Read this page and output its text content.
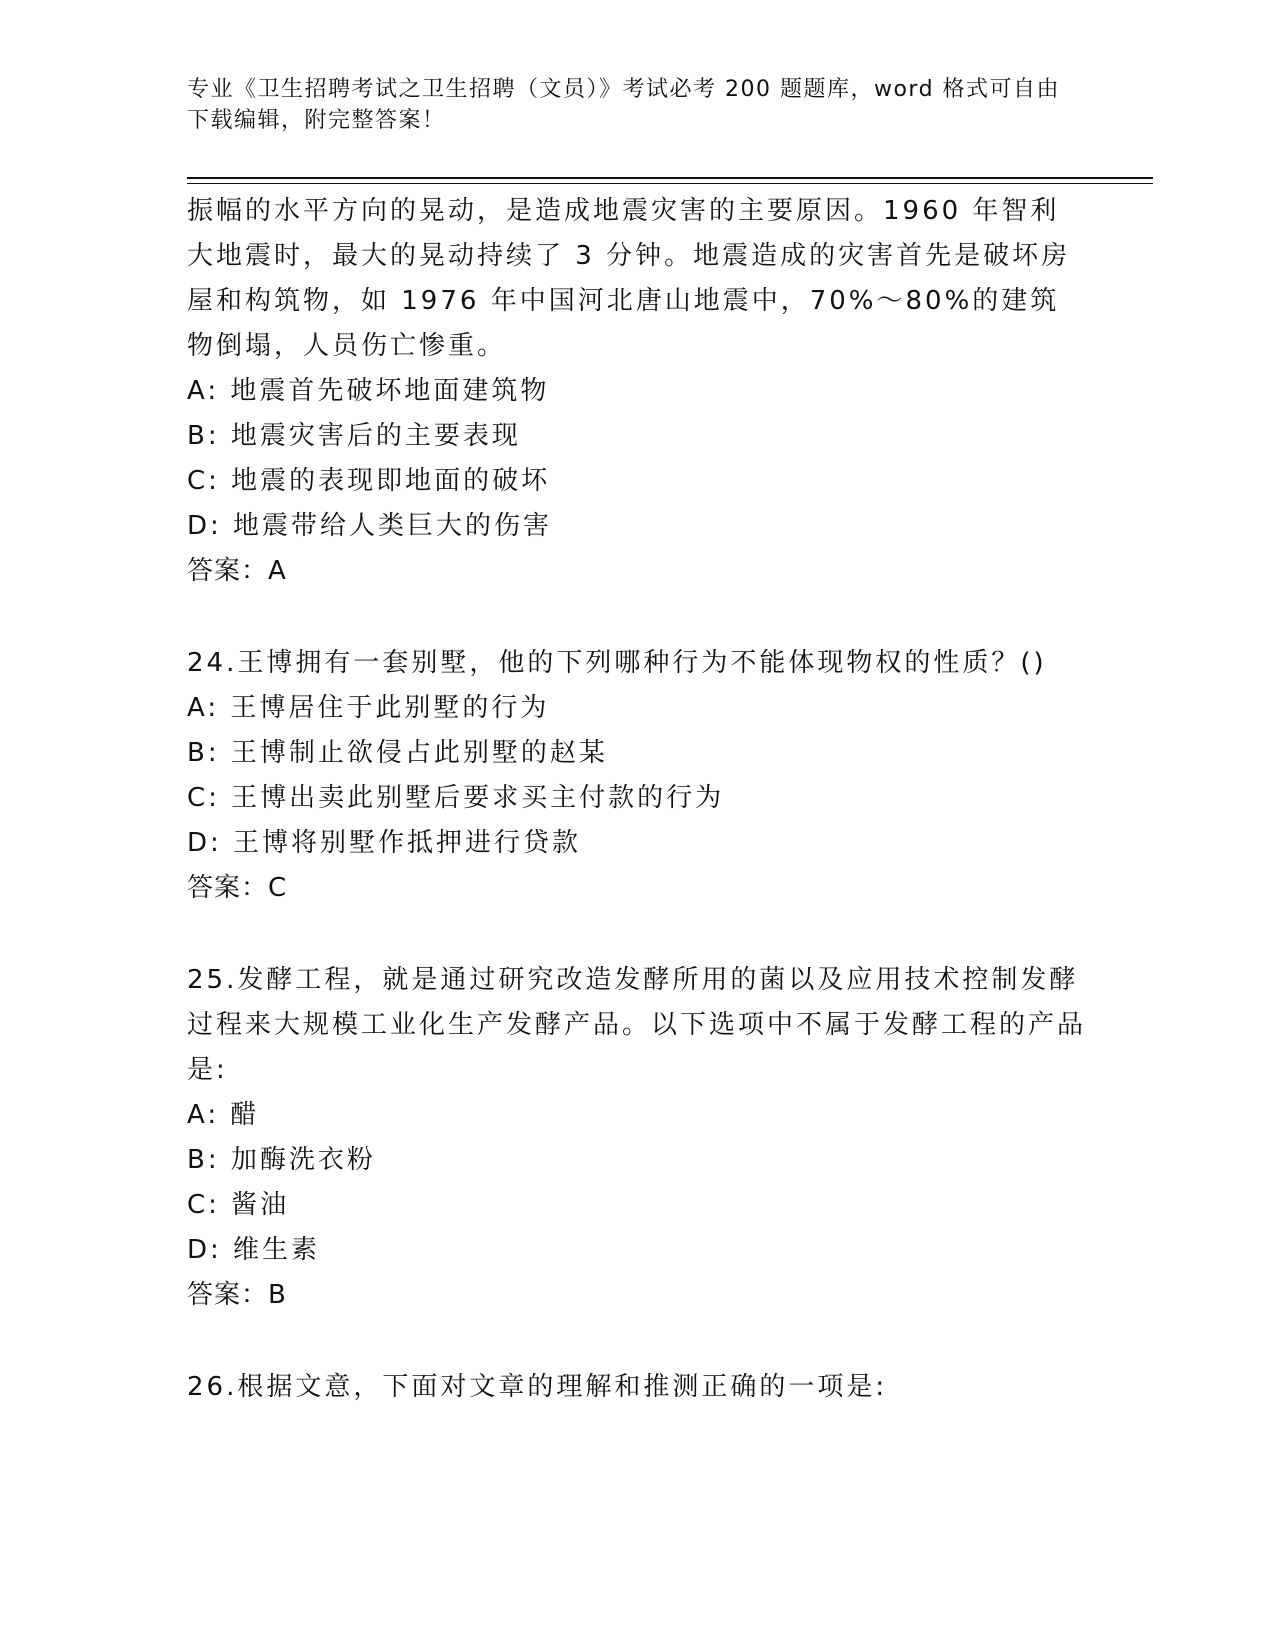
专业《卫生招聘考试之卫生招聘（文员）》考试必考 200 题题库，word 格式可自由下载编辑，附完整答案！

振幅的水平方向的晃动，是造成地震灾害的主要原因。1960 年智利大地震时，最大的晃动持续了 3 分钟。地震造成的灾害首先是破坏房屋和构筑物，如 1976 年中国河北唐山地震中，70%～80%的建筑物倒塌，人员伤亡惨重。

A: 地震首先破坏地面建筑物

B: 地震灾害后的主要表现

C: 地震的表现即地面的破坏

D: 地震带给人类巨大的伤害

答案：A

24.王博拥有一套别墅，他的下列哪种行为不能体现物权的性质？()

A: 王博居住于此别墅的行为

B: 王博制止欲侵占此别墅的赵某

C: 王博出卖此别墅后要求买主付款的行为

D: 王博将别墅作抵押进行贷款

答案：C

25.发酵工程，就是通过研究改造发酵所用的菌以及应用技术控制发酵过程来大规模工业化生产发酵产品。以下选项中不属于发酵工程的产品是:

A: 醋

B: 加酶洗衣粉

C: 酱油

D: 维生素

答案：B

26.根据文意，下面对文章的理解和推测正确的一项是:
